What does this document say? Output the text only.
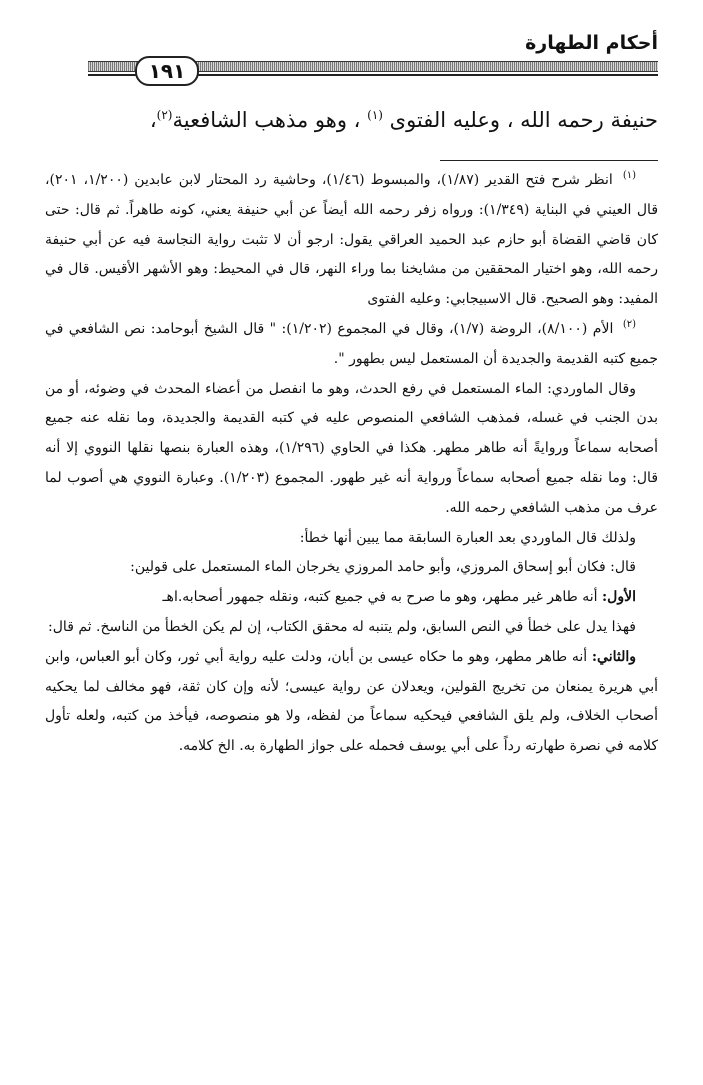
أحكام الطهارة
١٩١
حنيفة رحمه الله ، وعليه الفتوى $^{(١)}$ ، وهو مذهب الشافعية$^{(٢)}$،

$^{(١)}$ انظر شرح فتح القدير (١/٨٧)، والمبسوط (١/٤٦)، وحاشية رد المحتار لابن عابدين (١/٢٠٠، ٢٠١)، قال العيني في البناية (١/٣٤٩): ورواه زفر رحمه الله أيضاً عن أبي حنيفة يعني، كونه طاهراً. ثم قال: حتى كان قاضي القضاة أبو حازم عبد الحميد العراقي يقول: ارجو أن لا تثبت رواية النجاسة فيه عن أبي حنيفة رحمه الله، وهو اختيار المحققين من مشايخنا بما وراء النهر، قال في المحيط: وهو الأشهر الأقيس. قال في المفيد: وهو الصحيح. قال الاسبيجابي: وعليه الفتوى

$^{(٢)}$ الأم (٨/١٠٠)، الروضة (١/٧)، وقال في المجموع (١/٢٠٢): " قال الشيخ أبوحامد: نص الشافعي في جميع كتبه القديمة والجديدة أن المستعمل ليس بطهور ".

وقال الماوردي: الماء المستعمل في رفع الحدث، وهو ما انفصل من أعضاء المحدث في وضوئه، أو من بدن الجنب في غسله، فمذهب الشافعي المنصوص عليه في كتبه القديمة والجديدة، وما نقله عنه جميع أصحابه سماعاً وروايةً أنه طاهر مطهر. هكذا في الحاوي (١/٢٩٦)، وهذه العبارة بنصها نقلها النووي إلا أنه قال: وما نقله جميع أصحابه سماعاً ورواية أنه غير طهور. المجموع (١/٢٠٣). وعبارة النووي هي أصوب لما عرف من مذهب الشافعي رحمه الله.

ولذلك قال الماوردي بعد العبارة السابقة مما يبين أنها خطأ:

قال: فكان أبو إسحاق المروزي، وأبو حامد المروزي يخرجان الماء المستعمل على قولين:

الأول: أنه طاهر غير مطهر، وهو ما صرح به في جميع كتبه، ونقله جمهور أصحابه.اهـ

فهذا يدل على خطأ في النص السابق، ولم يتنبه له محقق الكتاب، إن لم يكن الخطأ من الناسخ. ثم قال:

والثاني: أنه طاهر مطهر، وهو ما حكاه عيسى بن أبان، ودلت عليه رواية أبي ثور، وكان أبو العباس، وابن أبي هريرة يمنعان من تخريج القولين، ويعدلان عن رواية عيسى؛ لأنه وإن كان ثقة، فهو مخالف لما يحكيه أصحاب الخلاف، ولم يلق الشافعي فيحكيه سماعاً من لفظه، ولا هو منصوصه، فيأخذ من كتبه، ولعله تأول كلامه في نصرة طهارته رداً على أبي يوسف فحمله على جواز الطهارة به. الخ كلامه.
